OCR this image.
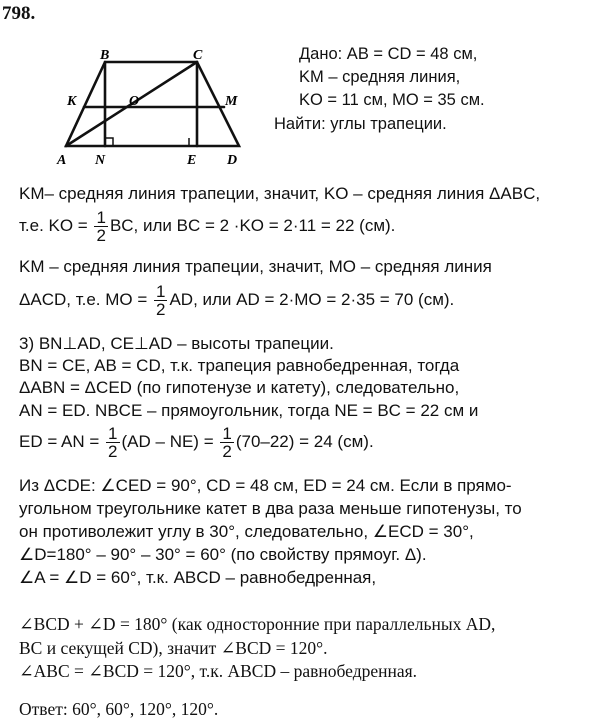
798.
B	C
K	O	M
A N	E D
Дано: AB = CD = 48 см,
KM – средняя линия,
KO = 11 см, MO = 35 см.
Найти: углы трапеции.
KM– средняя линия трапеции, значит, KO – средняя линия ΔABC,
т.е. KO = $\frac{1}{2}$ BC, или BC = 2 ·KO = 2·11 = 22 (см).
KM – средняя линия трапеции, значит, MO – средняя линия
ΔACD, т.е. MO = $\frac{1}{2}$ AD, или AD = 2·MO = 2·35 = 70 (см).
3) BN⊥AD, CE⊥AD – высоты трапеции.
BN = CE, AB = CD, т.к. трапеция равнобедренная, тогда
ΔABN = ΔCED (по гипотенузе и катету), следовательно,
AN = ED. NBCE – прямоугольник, тогда NE = BC = 22 см и
ED = AN = $\frac{1}{2} (AD - NE) = \frac{1}{2} (70-22) = 24$ (см).
Из ΔCDE: ∠CED = 90°, CD = 48 см, ED = 24 см. Если в прямо-
угольном треугольнике катет в два раза меньше гипотенузы, то
он противолежит углу в 30°, следовательно, ∠ECD = 30°,
∠D=180° – 90° – 30° = 60° (по свойству прямоуг. Δ).
∠A = ∠D = 60°, т.к. ABCD – равнобедренная,
∠BCD + ∠D = 180° (как односторонние при параллельных AD,
BC и секущей CD), значит ∠BCD = 120°.
∠ABC = ∠BCD = 120°, т.к. ABCD – равнобедренная.
Ответ: 60°, 60°, 120°, 120°.
